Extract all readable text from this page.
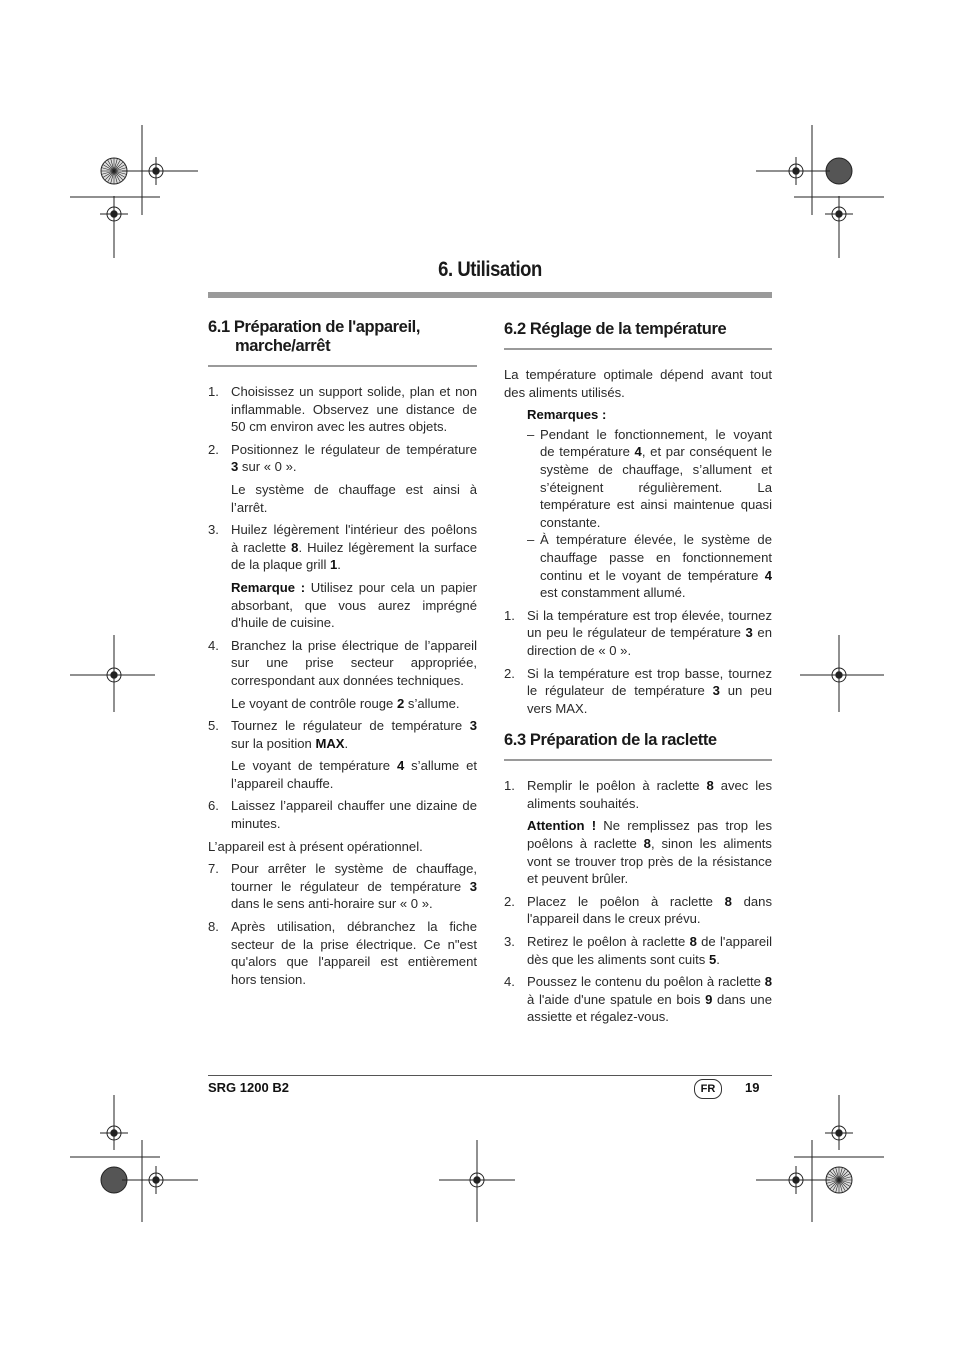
6. Utilisation
6.1 Préparation de l'appareil,
marche/arrêt
1. Choisissez un support solide, plan et non inflammable. Observez une distance de 50 cm environ avec les autres objets.
2. Positionnez le régulateur de température 3 sur « 0 ».
Le système de chauffage est ainsi à l’arrêt.
3. Huilez légèrement l'intérieur des poêlons à raclette 8. Huilez légèrement la surface de la plaque grill 1.
Remarque : Utilisez pour cela un papier absorbant, que vous aurez imprégné d'huile de cuisine.
4. Branchez la prise électrique de l’appareil sur une prise secteur appropriée, correspondant aux données techniques.
Le voyant de contrôle rouge 2 s’allume.
5. Tournez le régulateur de température 3 sur la position MAX.
Le voyant de température 4 s’allume et l’appareil chauffe.
6. Laissez l’appareil chauffer une dizaine de minutes.
L’appareil est à présent opérationnel.
7. Pour arrêter le système de chauffage, tourner le régulateur de température 3 dans le sens anti-horaire sur « 0 ».
8. Après utilisation, débranchez la fiche secteur de la prise électrique. Ce n"est qu'alors que l'appareil est entièrement hors tension.
6.2 Réglage de la température
La température optimale dépend avant tout des aliments utilisés.
Remarques :
– Pendant le fonctionnement, le voyant de température 4, et par conséquent le système de chauffage, s’allument et s’éteignent régulièrement. La température est ainsi maintenue quasi constante.
– À température élevée, le système de chauffage passe en fonctionnement continu et le voyant de température 4 est constamment allumé.
1. Si la température est trop élevée, tournez un peu le régulateur de température 3 en direction de « 0 ».
2. Si la température est trop basse, tournez le régulateur de température 3 un peu vers MAX.
6.3 Préparation de la raclette
1. Remplir le poêlon à raclette 8 avec les aliments souhaités.
Attention ! Ne remplissez pas trop les poêlons à raclette 8, sinon les aliments vont se trouver trop près de la résistance et peuvent brûler.
2. Placez le poêlon à raclette 8 dans l'appareil dans le creux prévu.
3. Retirez le poêlon à raclette 8 de l'appareil dès que les aliments sont cuits 5.
4. Poussez le contenu du poêlon à raclette 8 à l'aide d'une spatule en bois 9 dans une assiette et régalez-vous.
SRG 1200 B2	FR	19
